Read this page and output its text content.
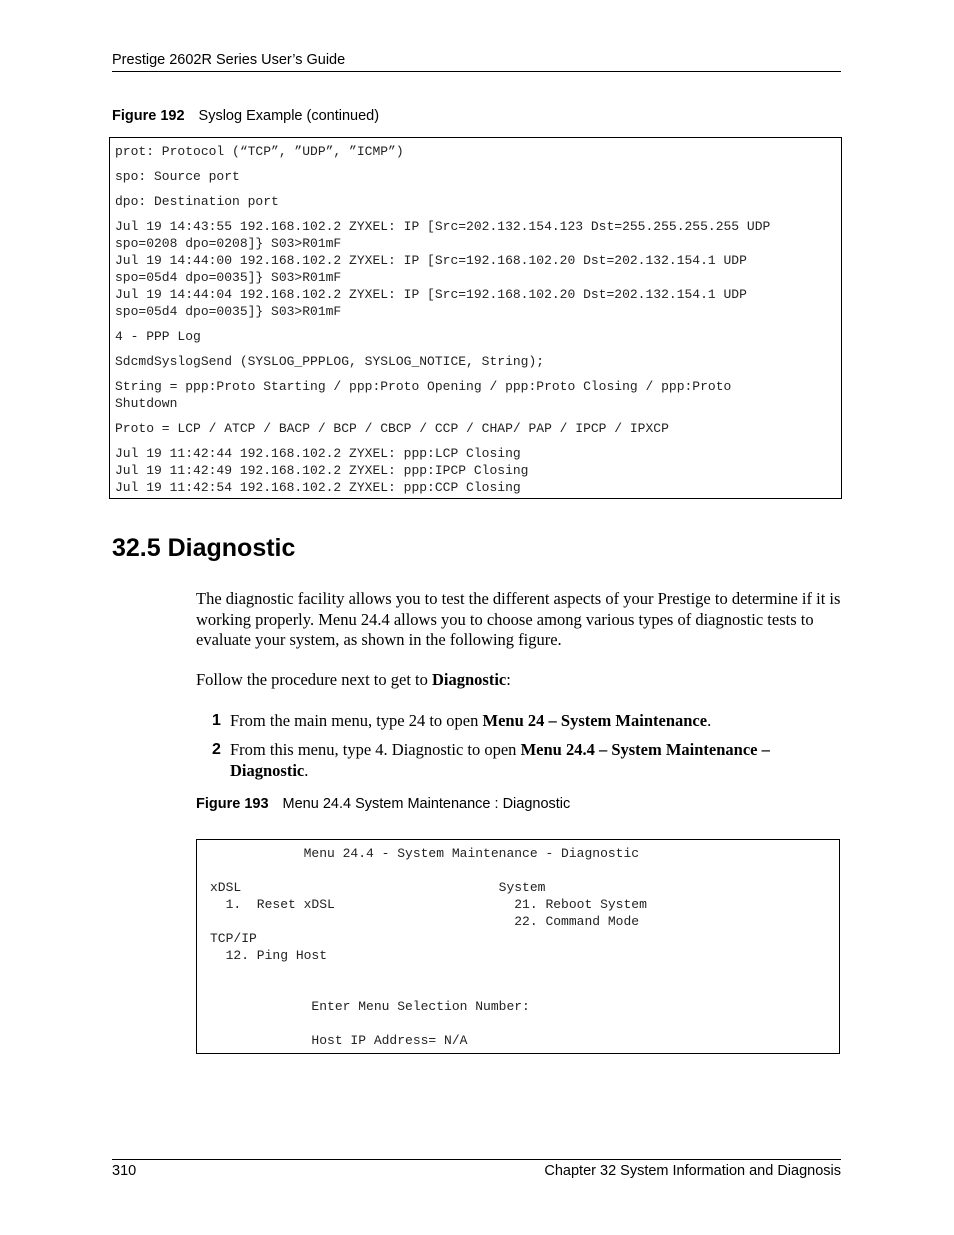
Prestige 2602R Series User’s Guide
Figure 192 Syslog Example (continued)
prot: Protocol (“TCP”, ”UDP”, ”ICMP”)
spo: Source port
dpo: Destination port
Jul 19 14:43:55 192.168.102.2 ZYXEL: IP [Src=202.132.154.123 Dst=255.255.255.255 UDP
spo=0208 dpo=0208]} S03>R01mF
Jul 19 14:44:00 192.168.102.2 ZYXEL: IP [Src=192.168.102.20 Dst=202.132.154.1 UDP
spo=05d4 dpo=0035]} S03>R01mF
Jul 19 14:44:04 192.168.102.2 ZYXEL: IP [Src=192.168.102.20 Dst=202.132.154.1 UDP
spo=05d4 dpo=0035]} S03>R01mF
4 - PPP Log
SdcmdSyslogSend (SYSLOG_PPPLOG, SYSLOG_NOTICE, String);
String = ppp:Proto Starting / ppp:Proto Opening / ppp:Proto Closing / ppp:Proto
Shutdown
Proto = LCP / ATCP / BACP / BCP / CBCP / CCP / CHAP/ PAP / IPCP / IPXCP
Jul 19 11:42:44 192.168.102.2 ZYXEL: ppp:LCP Closing
Jul 19 11:42:49 192.168.102.2 ZYXEL: ppp:IPCP Closing
Jul 19 11:42:54 192.168.102.2 ZYXEL: ppp:CCP Closing
32.5 Diagnostic
The diagnostic facility allows you to test the different aspects of your Prestige to determine if it is working properly. Menu 24.4 allows you to choose among various types of diagnostic tests to evaluate your system, as shown in the following figure.
Follow the procedure next to get to Diagnostic:
1 From the main menu, type 24 to open Menu 24 – System Maintenance.
2 From this menu, type 4. Diagnostic to open Menu 24.4 – System Maintenance – Diagnostic.
Figure 193 Menu 24.4 System Maintenance : Diagnostic
Menu 24.4 - System Maintenance - Diagnostic
xDSL                                 System
1.  Reset xDSL                       21. Reboot System
22. Command Mode
TCP/IP
12. Ping Host
Enter Menu Selection Number:
Host IP Address= N/A
310	Chapter 32 System Information and Diagnosis
